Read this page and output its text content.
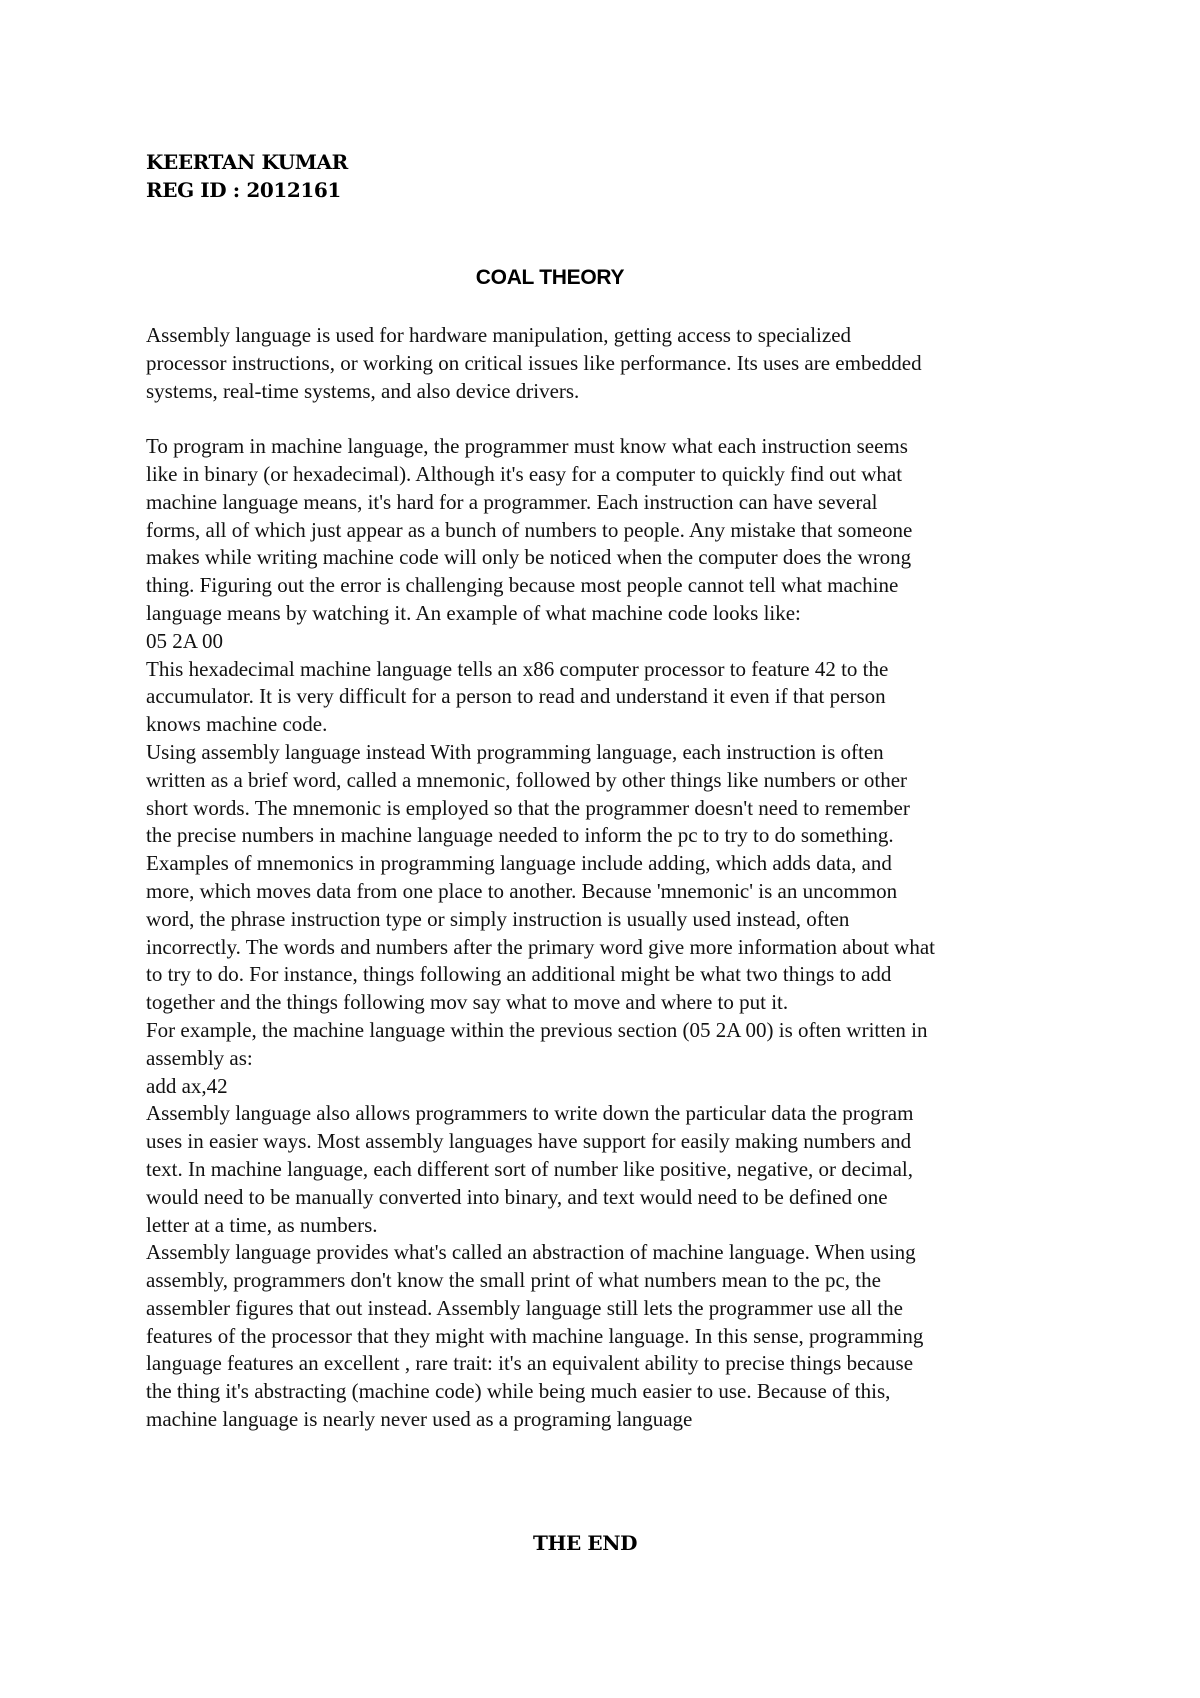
KEERTAN KUMAR
REG ID : 2012161
COAL THEORY
Assembly language is used for hardware manipulation, getting access to specialized
processor instructions, or working on critical issues like performance. Its uses are embedded
systems, real-time systems, and also device drivers.
To program in machine language, the programmer must know what each instruction seems
like in binary (or hexadecimal). Although it's easy for a computer to quickly find out what
machine language means, it's hard for a programmer. Each instruction can have several
forms, all of which just appear as a bunch of numbers to people. Any mistake that someone
makes while writing machine code will only be noticed when the computer does the wrong
thing. Figuring out the error is challenging because most people cannot tell what machine
language means by watching it. An example of what machine code looks like:
05 2A 00
This hexadecimal machine language tells an x86 computer processor to feature 42 to the
accumulator. It is very difficult for a person to read and understand it even if that person
knows machine code.
Using assembly language instead With programming language, each instruction is often
written as a brief word, called a mnemonic, followed by other things like numbers or other
short words. The mnemonic is employed so that the programmer doesn't need to remember
the precise numbers in machine language needed to inform the pc to try to do something.
Examples of mnemonics in programming language include adding, which adds data, and
more, which moves data from one place to another. Because 'mnemonic' is an uncommon
word, the phrase instruction type or simply instruction is usually used instead, often
incorrectly. The words and numbers after the primary word give more information about what
to try to do. For instance, things following an additional might be what two things to add
together and the things following mov say what to move and where to put it.
For example, the machine language within the previous section (05 2A 00) is often written in
assembly as:
add ax,42
Assembly language also allows programmers to write down the particular data the program
uses in easier ways. Most assembly languages have support for easily making numbers and
text. In machine language, each different sort of number like positive, negative, or decimal,
would need to be manually converted into binary, and text would need to be defined one
letter at a time, as numbers.
Assembly language provides what's called an abstraction of machine language. When using
assembly, programmers don't know the small print of what numbers mean to the pc, the
assembler figures that out instead. Assembly language still lets the programmer use all the
features of the processor that they might with machine language. In this sense, programming
language features an excellent , rare trait: it's an equivalent ability to precise things because
the thing it's abstracting (machine code) while being much easier to use. Because of this,
machine language is nearly never used as a programing language
THE END
